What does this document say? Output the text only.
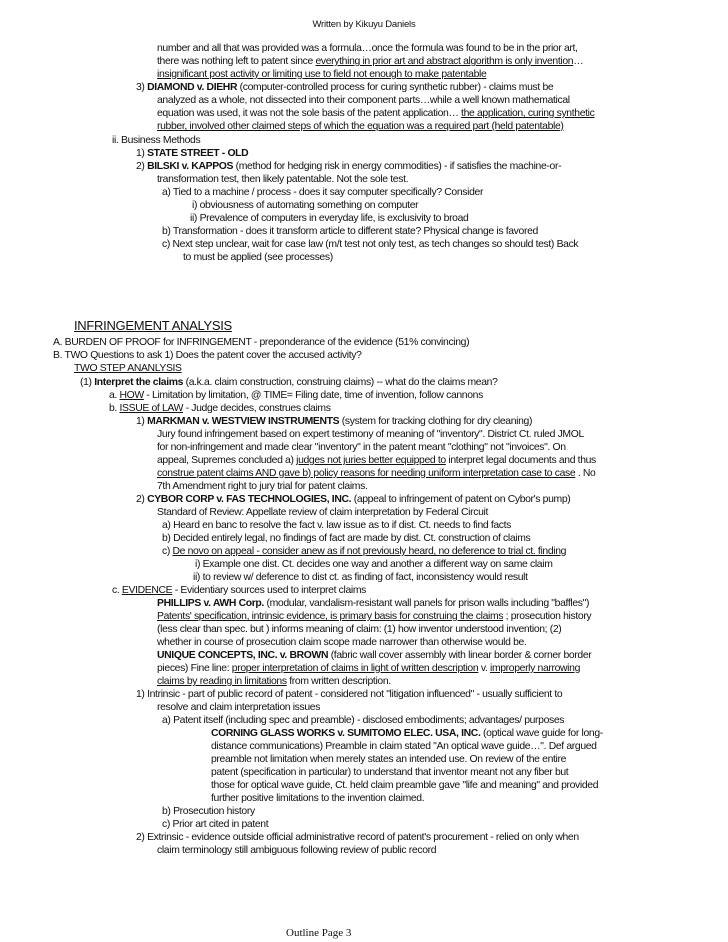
Written by Kikuyu Daniels
number and all that was provided was a formula…once the formula was found to be in the prior art,
there was nothing left to patent since everything in prior art and abstract algorithm is only invention…
insignificant post activity or limiting use to field not enough to make patentable
3) DIAMOND v. DIEHR (computer-controlled process for curing synthetic rubber) - claims must be
analyzed as a whole, not dissected into their component parts…while a well known mathematical
equation was used, it was not the sole basis of the patent application… the application, curing synthetic
rubber, involved other claimed steps of which the equation was a required part (held patentable)
ii. Business Methods
1) STATE STREET - OLD
2) BILSKI v. KAPPOS (method for hedging risk in energy commodities) - if satisfies the machine-or-
transformation test, then likely patentable. Not the sole test.
a) Tied to a machine / process - does it say computer specifically? Consider
i) obviousness of automating something on computer
ii) Prevalence of computers in everyday life, is exclusivity to broad
b) Transformation - does it transform article to different state? Physical change is favored
c) Next step unclear, wait for case law (m/t test not only test, as tech changes so should test) Back
to must be applied (see processes)
A. BURDEN OF PROOF for INFRINGEMENT - preponderance of the evidence (51% convincing)
B. TWO Questions to ask 1) Does the patent cover the accused activity?
TWO STEP ANANLYSIS
(1) Interpret the claims (a.k.a. claim construction, construing claims) -- what do the claims mean?
a. HOW - Limitation by limitation, @ TIME= Filing date, time of invention, follow cannons
b. ISSUE of LAW - Judge decides, construes claims
1) MARKMAN v. WESTVIEW INSTRUMENTS (system for tracking clothing for dry cleaning)
Jury found infringement based on expert testimony of meaning of "inventory". District Ct. ruled JMOL
for non-infringement and made clear "inventory" in the patent meant "clothing" not "invoices". On
appeal, Supremes concluded a) judges not juries better equipped to interpret legal documents and thus
construe patent claims AND gave b) policy reasons for needing uniform interpretation case to case . No
7th Amendment right to jury trial for patent claims.
2) CYBOR CORP v. FAS TECHNOLOGIES, INC. (appeal to infringement of patent on Cybor's pump)
Standard of Review: Appellate review of claim interpretation by Federal Circuit
a) Heard en banc to resolve the fact v. law issue as to if dist. Ct. needs to find facts
b) Decided entirely legal, no findings of fact are made by dist. Ct. construction of claims
c) De novo on appeal - consider anew as if not previously heard, no deference to trial ct. finding
i) Example one dist. Ct. decides one way and another a different way on same claim
ii) to review w/ deference to dist ct. as finding of fact, inconsistency would result
c. EVIDENCE - Evidentiary sources used to interpret claims
PHILLIPS v. AWH Corp. (modular, vandalism-resistant wall panels for prison walls including "baffles")
Patents' specification, intrinsic evidence, is primary basis for construing the claims ; prosecution history
(less clear than spec. but ) informs meaning of claim: (1) how inventor understood invention; (2)
whether in course of prosecution claim scope made narrower than otherwise would be.
UNIQUE CONCEPTS, INC. v. BROWN (fabric wall cover assembly with linear border & corner border
pieces) Fine line: proper interpretation of claims in light of written description v. improperly narrowing
claims by reading in limitations from written description.
1) Intrinsic - part of public record of patent - considered not "litigation influenced" - usually sufficient to
resolve and claim interpretation issues
a) Patent itself (including spec and preamble) - disclosed embodiments; advantages/ purposes
CORNING GLASS WORKS v. SUMITOMO ELEC. USA, INC. (optical wave guide for long-
distance communications) Preamble in claim stated "An optical wave guide…". Def argued
preamble not limitation when merely states an intended use. On review of the entire
patent (specification in particular) to understand that inventor meant not any fiber but
those for optical wave guide, Ct. held claim preamble gave "life and meaning" and provided
further positive limitations to the invention claimed.
b) Prosecution history
c) Prior art cited in patent
2) Extrinsic - evidence outside official administrative record of patent's procurement - relied on only when
claim terminology still ambiguous following review of public record
INFRINGEMENT ANALYSIS
Outline Page 3
